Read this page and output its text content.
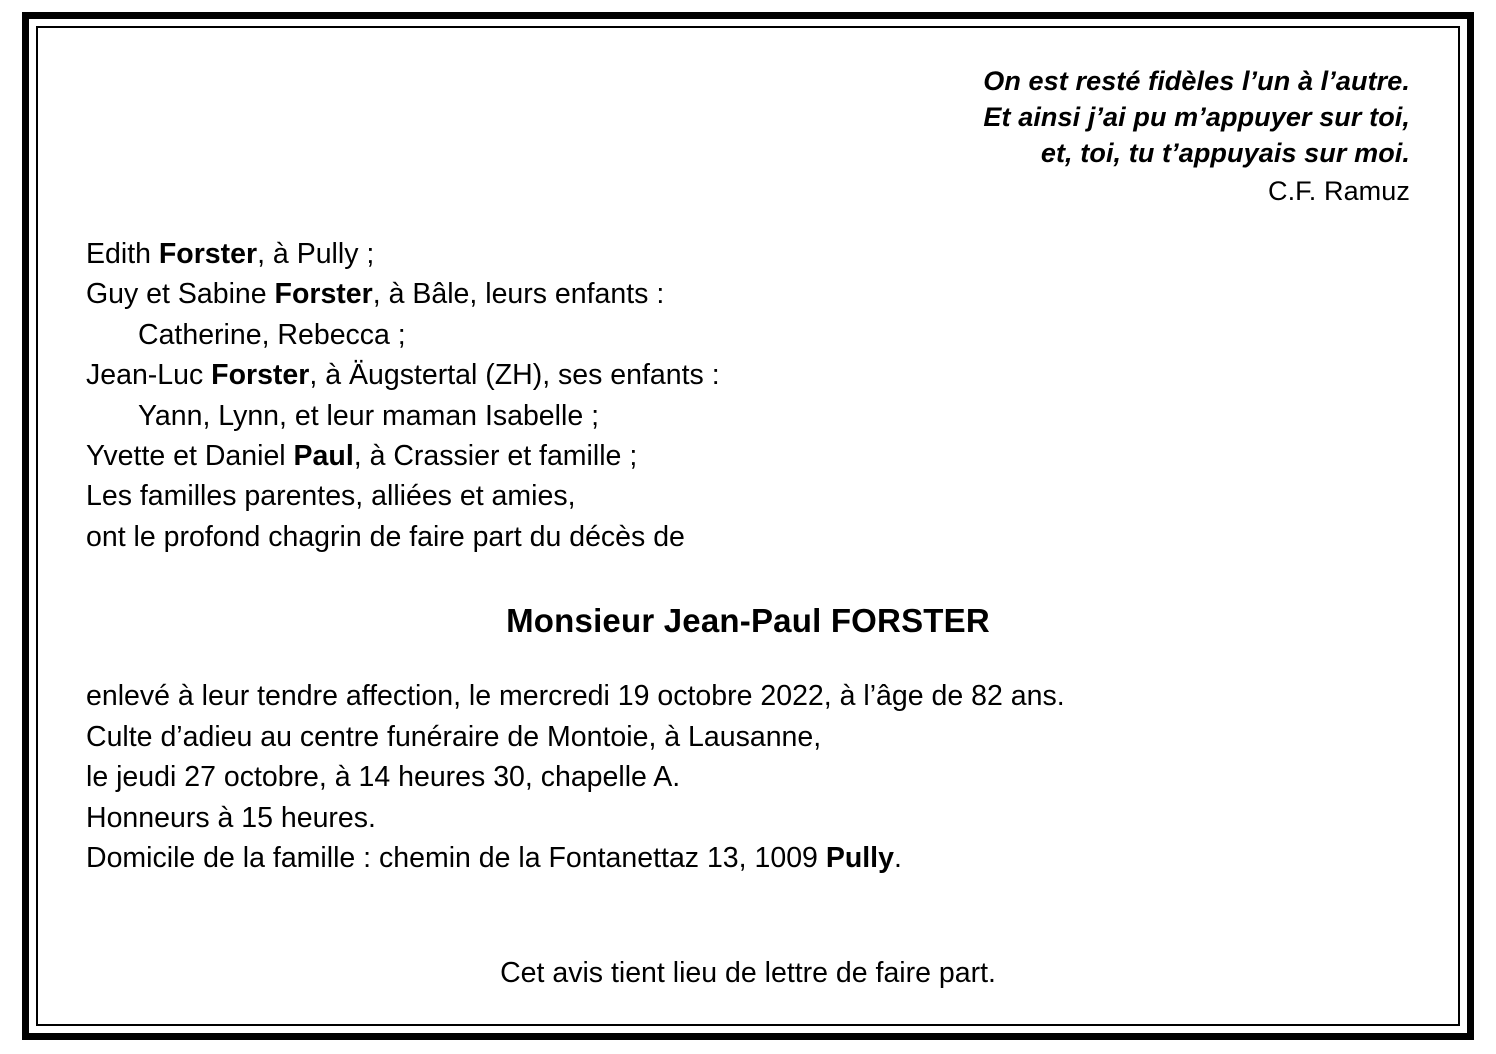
On est resté fidèles l’un à l’autre.
Et ainsi j’ai pu m’appuyer sur toi,
et, toi, tu t’appuyais sur moi.
C.F. Ramuz
Edith Forster, à Pully ;
Guy et Sabine Forster, à Bâle, leurs enfants :
Catherine, Rebecca ;
Jean-Luc Forster, à Äugstertal (ZH), ses enfants :
Yann, Lynn, et leur maman Isabelle ;
Yvette et Daniel Paul, à Crassier et famille ;
Les familles parentes, alliées et amies,
ont le profond chagrin de faire part du décès de
Monsieur Jean-Paul FORSTER
enlevé à leur tendre affection, le mercredi 19 octobre 2022, à l’âge de 82 ans.
Culte d’adieu au centre funéraire de Montoie, à Lausanne,
le jeudi 27 octobre, à 14 heures 30, chapelle A.
Honneurs à 15 heures.
Domicile de la famille : chemin de la Fontanettaz 13, 1009 Pully.
Cet avis tient lieu de lettre de faire part.
